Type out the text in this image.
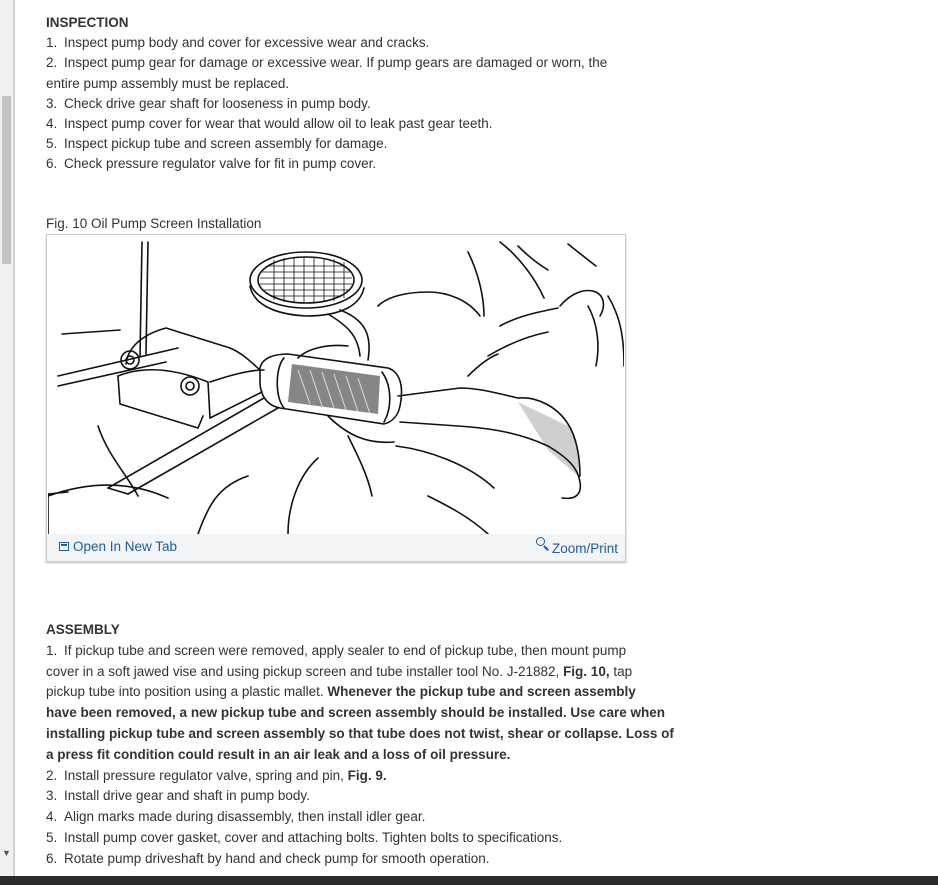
▼
INSPECTION
1. Inspect pump body and cover for excessive wear and cracks.
2. Inspect pump gear for damage or excessive wear. If pump gears are damaged or worn, the
entire pump assembly must be replaced.
3. Check drive gear shaft for looseness in pump body.
4. Inspect pump cover for wear that would allow oil to leak past gear teeth.
5. Inspect pickup tube and screen assembly for damage.
6. Check pressure regulator valve for fit in pump cover.
Fig. 10 Oil Pump Screen Installation
Open In New Tab	Zoom/Print
ASSEMBLY
1. If pickup tube and screen were removed, apply sealer to end of pickup tube, then mount pump
cover in a soft jawed vise and using pickup screen and tube installer tool No. J-21882, Fig. 10, tap
pickup tube into position using a plastic mallet. Whenever the pickup tube and screen assembly
have been removed, a new pickup tube and screen assembly should be installed. Use care when
installing pickup tube and screen assembly so that tube does not twist, shear or collapse. Loss of
a press fit condition could result in an air leak and a loss of oil pressure.
2. Install pressure regulator valve, spring and pin, Fig. 9.
3. Install drive gear and shaft in pump body.
4. Align marks made during disassembly, then install idler gear.
5. Install pump cover gasket, cover and attaching bolts. Tighten bolts to specifications.
6. Rotate pump driveshaft by hand and check pump for smooth operation.
